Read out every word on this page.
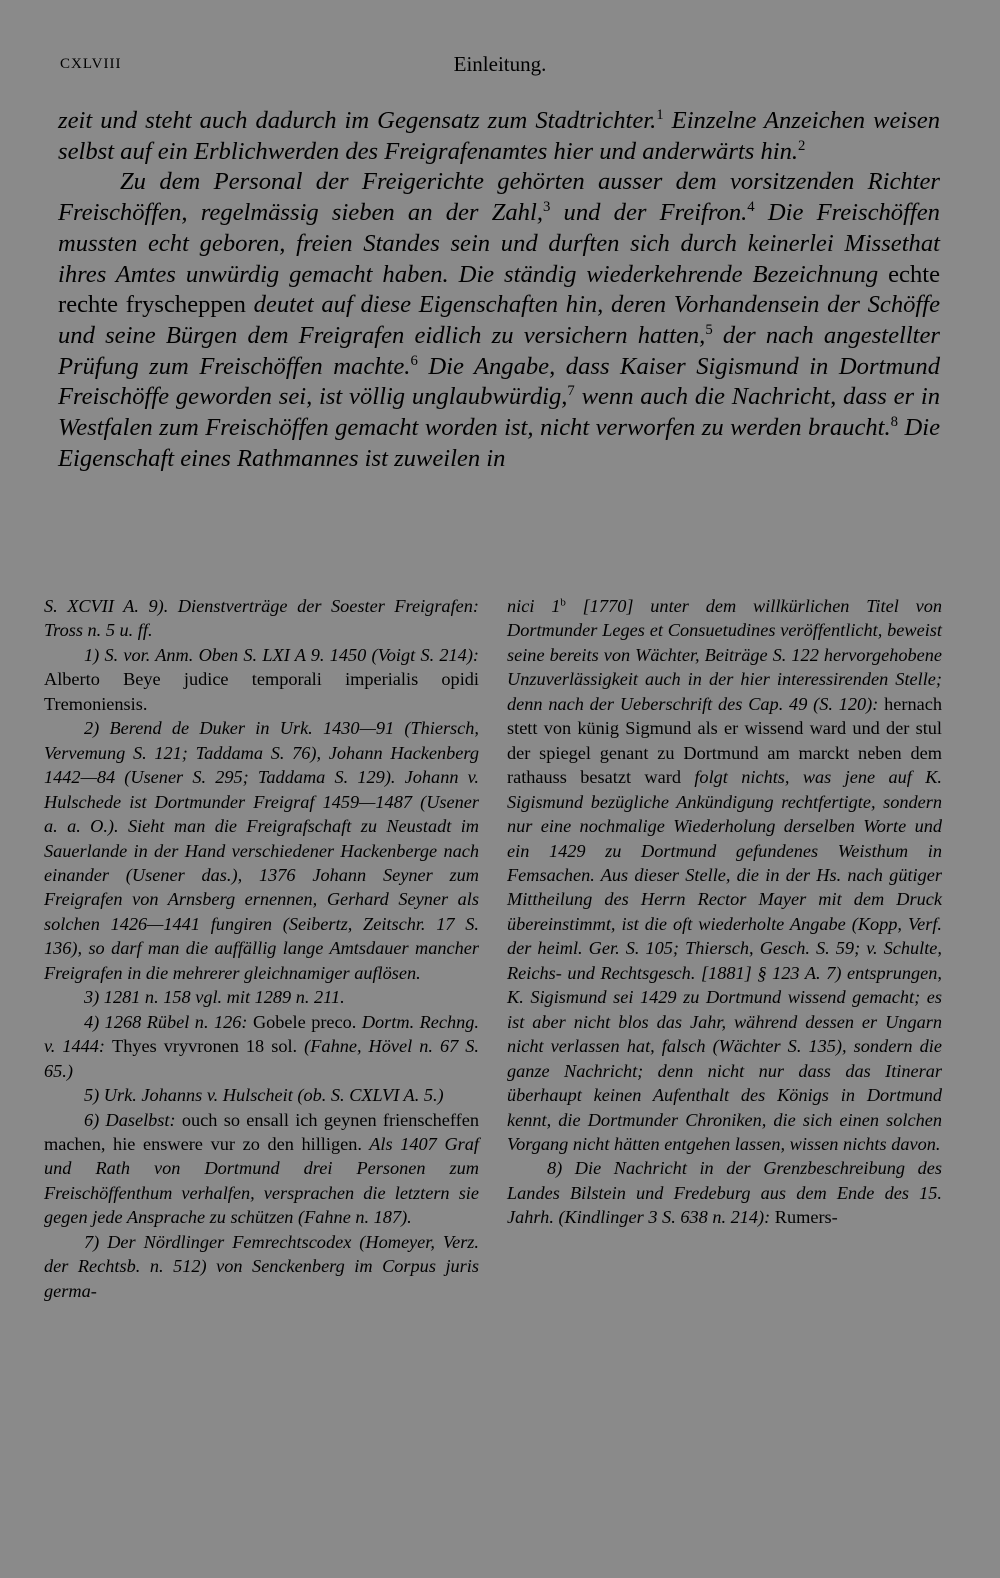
CXLVIII	Einleitung.

zeit und steht auch dadurch im Gegensatz zum Stadtrichter.$^1$ Einzelne Anzeichen weisen selbst auf ein Erblichwerden des Freigrafenamtes hier und anderwärts hin.$^2$

Zu dem Personal der Freigerichte gehörten ausser dem vorsitzenden Richter Freischöffen, regelmässig sieben an der Zahl,$^3$ und der Freifron.$^4$ Die Freischöffen mussten echt geboren, freien Standes sein und durften sich durch keinerlei Missethat ihres Amtes unwürdig gemacht haben. Die ständig wiederkehrende Bezeichnung echte rechte fryscheppen deutet auf diese Eigenschaften hin, deren Vorhandensein der Schöffe und seine Bürgen dem Freigrafen eidlich zu versichern hatten,$^5$ der nach angestellter Prüfung zum Freischöffen machte.$^6$ Die Angabe, dass Kaiser Sigismund in Dortmund Freischöffe geworden sei, ist völlig unglaubwürdig,$^7$ wenn auch die Nachricht, dass er in Westfalen zum Freischöffen gemacht worden ist, nicht verworfen zu werden braucht.$^8$ Die Eigenschaft eines Rathmannes ist zuweilen in

S. XCVII A. 9). Dienstverträge der Soester Freigrafen: Tross n. 5 u. ff.

1) S. vor. Anm. Oben S. LXI A 9. 1450 (Voigt S. 214): Alberto Beye judice temporali imperialis opidi Tremoniensis.

2) Berend de Duker in Urk. 1430—91 (Thiersch, Vervemung S. 121; Taddama S. 76), Johann Hackenberg 1442—84 (Usener S. 295; Taddama S. 129). Johann v. Hulschede ist Dortmunder Freigraf 1459—1487 (Usener a. a. O.). Sieht man die Freigrafschaft zu Neustadt im Sauerlande in der Hand verschiedener Hackenberge nach einander (Usener das.), 1376 Johann Seyner zum Freigrafen von Arnsberg ernennen, Gerhard Seyner als solchen 1426—1441 fungiren (Seibertz, Zeitschr. 17 S. 136), so darf man die auffällig lange Amtsdauer mancher Freigrafen in die mehrerer gleichnamiger auflösen.

3) 1281 n. 158 vgl. mit 1289 n. 211.

4) 1268 Rübel n. 126: Gobele preco. Dortm. Rechng. v. 1444: Thyes vryvronen 18 sol. (Fahne, Hövel n. 67 S. 65.)

5) Urk. Johanns v. Hulscheit (ob. S. CXLVI A. 5.)

6) Daselbst: ouch so ensall ich geynen frienscheffen machen, hie enswere vur zo den hilligen. Als 1407 Graf und Rath von Dortmund drei Personen zum Freischöffenthum verhalfen, versprachen die letztern sie gegen jede Ansprache zu schützen (Fahne n. 187).

7) Der Nördlinger Femrechtscodex (Homeyer, Verz. der Rechtsb. n. 512) von Senckenberg im Corpus juris germa-

nici 1$^b$ [1770] unter dem willkürlichen Titel von Dortmunder Leges et Consuetudines veröffentlicht, beweist seine bereits von Wächter, Beiträge S. 122 hervorgehobene Unzuverlässigkeit auch in der hier interessirenden Stelle; denn nach der Ueberschrift des Cap. 49 (S. 120): hernach stett von künig Sigmund als er wissend ward und der stul der spiegel genant zu Dortmund am marckt neben dem rathauss besatzt ward folgt nichts, was jene auf K. Sigismund bezügliche Ankündigung rechtfertigte, sondern nur eine nochmalige Wiederholung derselben Worte und ein 1429 zu Dortmund gefundenes Weisthum in Femsachen. Aus dieser Stelle, die in der Hs. nach gütiger Mittheilung des Herrn Rector Mayer mit dem Druck übereinstimmt, ist die oft wiederholte Angabe (Kopp, Verf. der heiml. Ger. S. 105; Thiersch, Gesch. S. 59; v. Schulte, Reichs- und Rechtsgesch. [1881] § 123 A. 7) entsprungen, K. Sigismund sei 1429 zu Dortmund wissend gemacht; es ist aber nicht blos das Jahr, während dessen er Ungarn nicht verlassen hat, falsch (Wächter S. 135), sondern die ganze Nachricht; denn nicht nur dass das Itinerar überhaupt keinen Aufenthalt des Königs in Dortmund kennt, die Dortmunder Chroniken, die sich einen solchen Vorgang nicht hätten entgehen lassen, wissen nichts davon.

8) Die Nachricht in der Grenzbeschreibung des Landes Bilstein und Fredeburg aus dem Ende des 15. Jahrh. (Kindlinger 3 S. 638 n. 214): Rumers-
